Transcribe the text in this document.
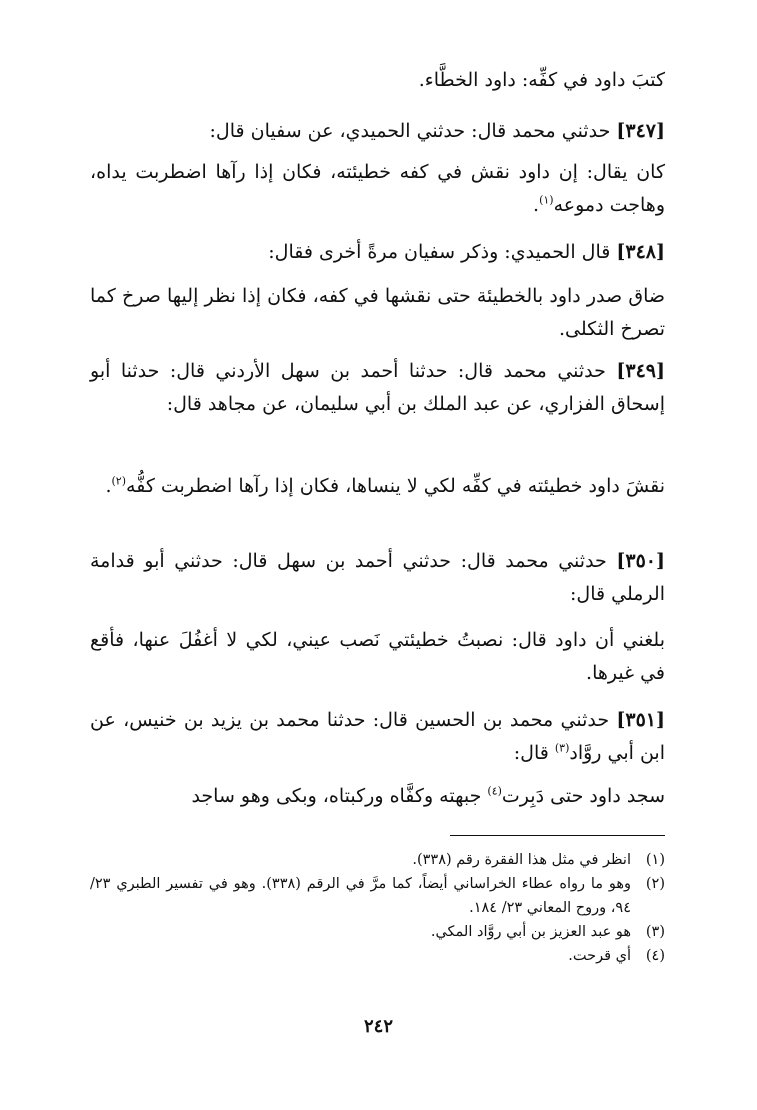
كتبَ داود في كفِّه: داود الخطَّاء.
[٣٤٧] حدثني محمد قال: حدثني الحميدي، عن سفيان قال:
كان يقال: إن داود نقش في كفه خطيئته، فكان إذا رآها اضطربت يداه، وهاجت دموعه$^{(١)}$.
[٣٤٨] قال الحميدي: وذكر سفيان مرةً أخرى فقال:
ضاق صدر داود بالخطيئة حتى نقشها في كفه، فكان إذا نظر إليها صرخ كما تصرخ الثكلى.
[٣٤٩] حدثني محمد قال: حدثنا أحمد بن سهل الأردني قال: حدثنا أبو إسحاق الفزاري، عن عبد الملك بن أبي سليمان، عن مجاهد قال:
نقشَ داود خطيئته في كفِّه لكي لا ينساها، فكان إذا رآها اضطربت كفُّه$^{(٢)}$.
[٣٥٠] حدثني محمد قال: حدثني أحمد بن سهل قال: حدثني أبو قدامة الرملي قال:
بلغني أن داود قال: نصبتُ خطيئتي نَصب عيني، لكي لا أغفُلَ عنها، فأقع في غيرها.
[٣٥١] حدثني محمد بن الحسين قال: حدثنا محمد بن يزيد بن خنيس، عن ابن أبي روَّاد$^{(٣)}$ قال:
سجد داود حتى دَبِرت$^{(٤)}$ جبهته وكفَّاه وركبتاه، وبكى وهو ساجد
(١)
انظر في مثل هذا الفقرة رقم (٣٣٨).
(٢)
وهو ما رواه عطاء الخراساني أيضاً، كما مرَّ في الرقم (٣٣٨). وهو في تفسير الطبري ٢٣/ ٩٤، وروح المعاني ٢٣/ ١٨٤.
(٣)
هو عبد العزيز بن أبي روَّاد المكي.
(٤)
أي قرحت.
٢٤٢
